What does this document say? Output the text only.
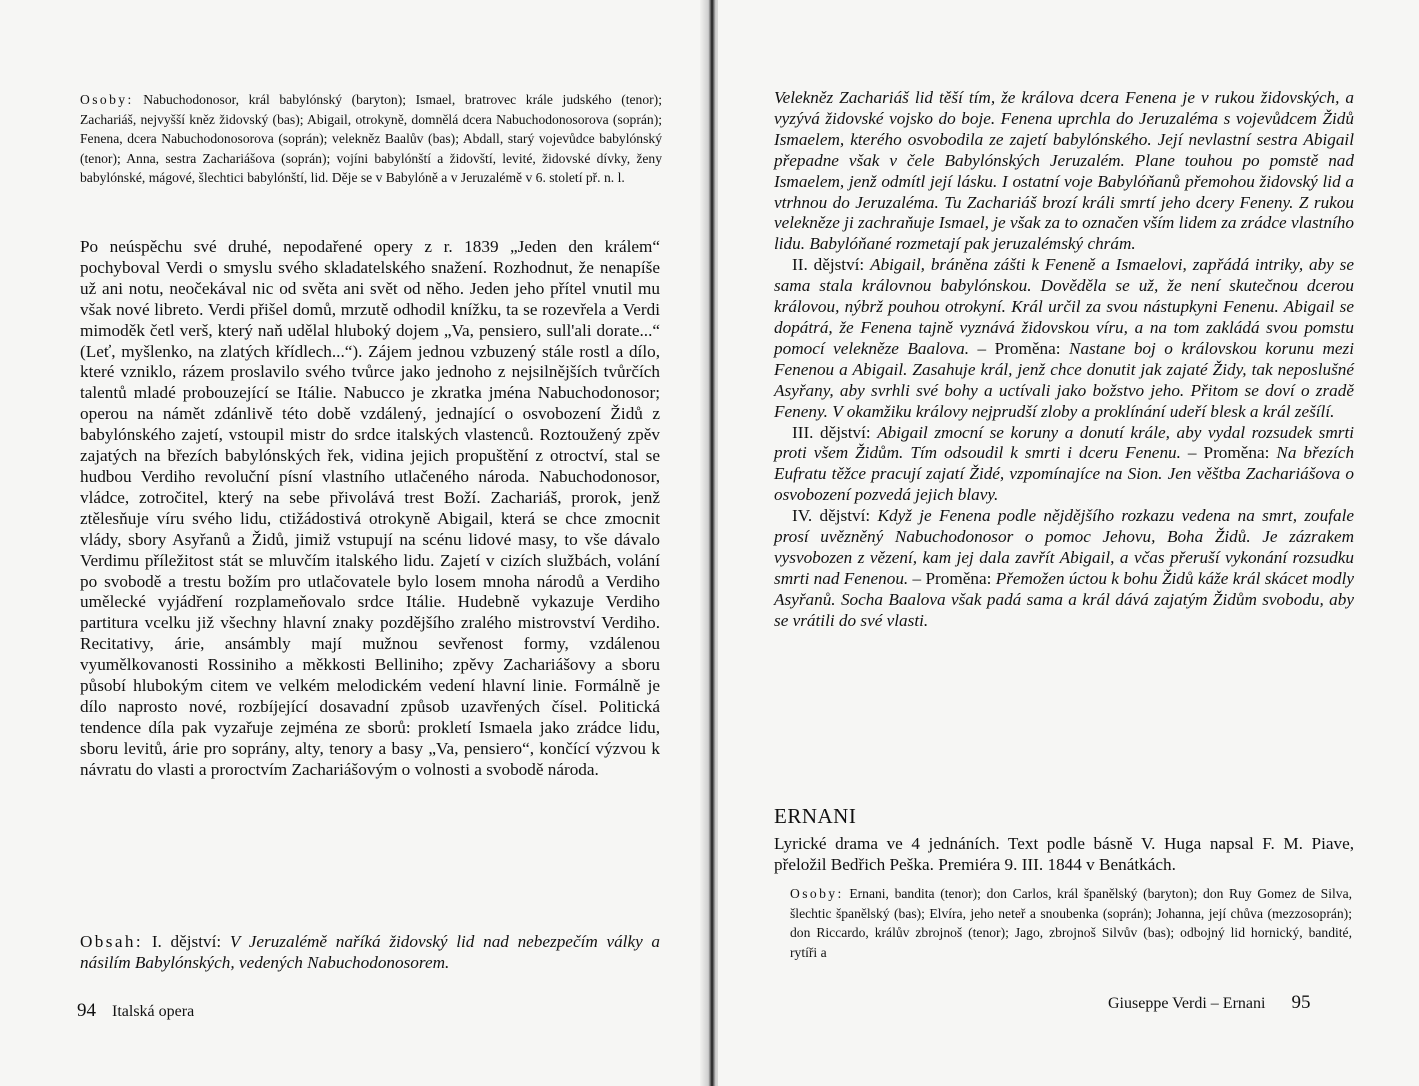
Osoby: Nabuchodonosor, král babylónský (baryton); Ismael, bratrovec krále judského (tenor); Zachariáš, nejvyšší kněz židovský (bas); Abigail, otrokyně, domnělá dcera Nabuchodonosorova (soprán); Fenena, dcera Nabuchodonosorova (soprán); velekněz Baalův (bas); Abdall, starý vojevůdce babylónský (tenor); Anna, sestra Zachariášova (soprán); vojíni babylónští a židovští, levité, židovské dívky, ženy babylónské, mágové, šlechtici babylónští, lid. Děje se v Babylóně a v Jeruzalémě v 6. století př. n. l.

Po neúspěchu své druhé, nepodařené opery z r. 1839 „Jeden den králem“ pochyboval Verdi o smyslu svého skladatelského snažení. Rozhodnut, že nenapíše už ani notu, neočekával nic od světa ani svět od něho. Jeden jeho přítel vnutil mu však nové libreto. Verdi přišel domů, mrzutě odhodil knížku, ta se rozevřela a Verdi mimoděk četl verš, který naň udělal hluboký dojem „Va, pensiero, sull'ali dorate...“ (Leť, myšlenko, na zlatých křídlech...“). Zájem jednou vzbuzený stále rostl a dílo, které vzniklo, rázem proslavilo svého tvůrce jako jednoho z nejsilnějších tvůrčích talentů mladé probouzející se Itálie. Nabucco je zkratka jména Nabuchodonosor; operou na námět zdánlivě této době vzdálený, jednající o osvobození Židů z babylónského zajetí, vstoupil mistr do srdce italských vlastenců. Roztoužený zpěv zajatých na březích babylónských řek, vidina jejich propuštění z otroctví, stal se hudbou Verdiho revoluční písní vlastního utlačeného národa. Nabuchodonosor, vládce, zotročitel, který na sebe přivolává trest Boží. Zachariáš, prorok, jenž ztělesňuje víru svého lidu, ctižádostivá otrokyně Abigail, která se chce zmocnit vlády, sbory Asyřanů a Židů, jimiž vstupují na scénu lidové masy, to vše dávalo Verdimu příležitost stát se mluvčím italského lidu. Zajetí v cizích službách, volání po svobodě a trestu božím pro utlačovatele bylo losem mnoha národů a Verdiho umělecké vyjádření rozplameňovalo srdce Itálie. Hudebně vykazuje Verdiho partitura vcelku již všechny hlavní znaky pozdějšího zralého mistrovství Verdiho. Recitativy, árie, ansámbly mají mužnou sevřenost formy, vzdálenou vyumělkovanosti Rossiniho a měkkosti Belliniho; zpěvy Zachariášovy a sboru působí hlubokým citem ve velkém melodickém vedení hlavní linie. Formálně je dílo naprosto nové, rozbíjející dosavadní způsob uzavřených čísel. Politická tendence díla pak vyzařuje zejména ze sborů: prokletí Ismaela jako zrádce lidu, sboru levitů, árie pro soprány, alty, tenory a basy „Va, pensiero“, končící výzvou k návratu do vlasti a proroctvím Zachariášovým o volnosti a svobodě národa.

Obsah: I. dějství: V Jeruzalémě naříká židovský lid nad nebezpečím války a násilím Babylónských, vedených Nabuchodonosorem.
94 Italská opera

Velekněz Zachariáš lid těší tím, že králova dcera Fenena je v rukou židovských, a vyzývá židovské vojsko do boje. Fenena uprchla do Jeruzaléma s vojevůdcem Židů Ismaelem, kterého osvobodila ze zajetí babylónského. Její nevlastní sestra Abigail přepadne však v čele Babylónských Jeruzalém. Plane touhou po pomstě nad Ismaelem, jenž odmítl její lásku. I ostatní voje Babylóňanů přemohou židovský lid a vtrhnou do Jeruzaléma. Tu Zachariáš brozí králi smrtí jeho dcery Feneny. Z rukou velekněze ji zachraňuje Ismael, je však za to označen vším lidem za zrádce vlastního lidu. Babylóňané rozmetají pak jeruzalémský chrám.

II. dějství: Abigail, bráněna zášti k Feneně a Ismaelovi, zapřádá intriky, aby se sama stala královnou babylónskou. Dověděla se už, že není skutečnou dcerou královou, nýbrž pouhou otrokyní. Král určil za svou nástupkyni Fenenu. Abigail se dopátrá, že Fenena tajně vyznává židovskou víru, a na tom zakládá svou pomstu pomocí velekněze Baalova. – Proměna: Nastane boj o královskou korunu mezi Fenenou a Abigail. Zasahuje král, jenž chce donutit jak zajaté Židy, tak neposlušné Asyřany, aby svrhli své bohy a uctívali jako božstvo jeho. Přitom se doví o zradě Feneny. V okamžiku královy nejprudší zloby a proklínání udeří blesk a král zešílí.

III. dějství: Abigail zmocní se koruny a donutí krále, aby vydal rozsudek smrti proti všem Židům. Tím odsoudil k smrti i dceru Fenenu. – Proměna: Na březích Eufratu těžce pracují zajatí Židé, vzpomínajíce na Sion. Jen věštba Zachariášova o osvobození pozvedá jejich blavy.

IV. dějství: Když je Fenena podle nějdějšího rozkazu vedena na smrt, zoufale prosí uvězněný Nabuchodonosor o pomoc Jehovu, Boha Židů. Je zázrakem vysvobozen z vězení, kam jej dala zavřít Abigail, a včas přeruší vykonání rozsudku smrti nad Fenenou. – Proměna: Přemožen úctou k bohu Židů káže král skácet modly Asyřanů. Socha Baalova však padá sama a král dává zajatým Židům svobodu, aby se vrátili do své vlasti.

ERNANI
Lyrické drama ve 4 jednáních. Text podle básně V. Huga napsal F. M. Piave, přeložil Bedřich Peška. Premiéra 9. III. 1844 v Benátkách.
Osoby: Ernani, bandita (tenor); don Carlos, král španělský (baryton); don Ruy Gomez de Silva, šlechtic španělský (bas); Elvíra, jeho neteř a snoubenka (soprán); Johanna, její chůva (mezzosoprán); don Riccardo, králův zbrojnoš (tenor); Jago, zbrojnoš Silvův (bas); odbojný lid hornický, bandité, rytíři a
Giuseppe Verdi – Ernani 95
